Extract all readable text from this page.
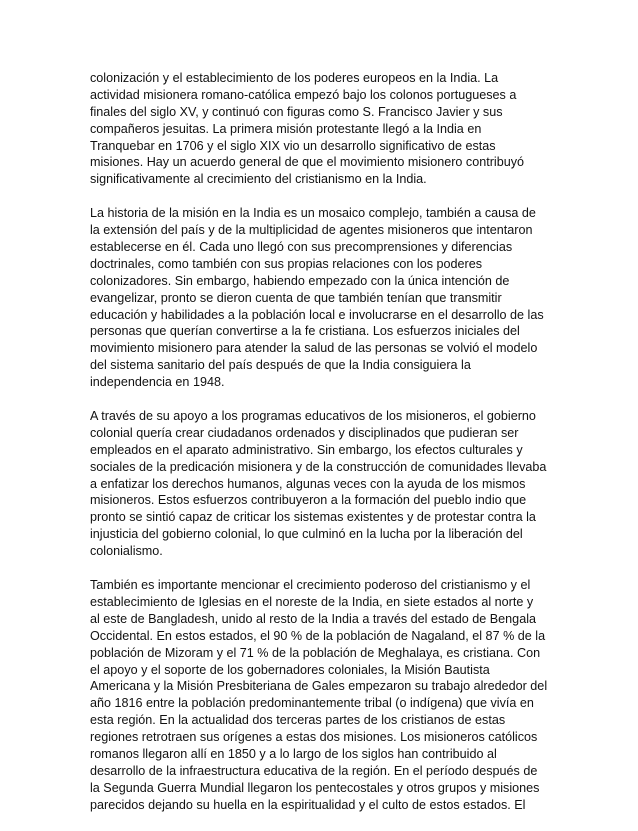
colonización y el establecimiento de los poderes europeos en la India. La
actividad misionera romano-católica empezó bajo los colonos portugueses a
finales del siglo XV, y continuó con figuras como S. Francisco Javier y sus
compañeros jesuitas. La primera misión protestante llegó a la India en
Tranquebar en 1706 y el siglo XIX vio un desarrollo significativo de estas
misiones. Hay un acuerdo general de que el movimiento misionero contribuyó
significativamente al crecimiento del cristianismo en la India.

La historia de la misión en la India es un mosaico complejo, también a causa de
la extensión del país y de la multiplicidad de agentes misioneros que intentaron
establecerse en él. Cada uno llegó con sus precomprensiones y diferencias
doctrinales, como también con sus propias relaciones con los poderes
colonizadores. Sin embargo, habiendo empezado con la única intención de
evangelizar, pronto se dieron cuenta de que también tenían que transmitir
educación y habilidades a la población local e involucrarse en el desarrollo de las
personas que querían convertirse a la fe cristiana. Los esfuerzos iniciales del
movimiento misionero para atender la salud de las personas se volvió el modelo
del sistema sanitario del país después de que la India consiguiera la
independencia en 1948.

A través de su apoyo a los programas educativos de los misioneros, el gobierno
colonial quería crear ciudadanos ordenados y disciplinados que pudieran ser
empleados en el aparato administrativo. Sin embargo, los efectos culturales y
sociales de la predicación misionera y de la construcción de comunidades llevaba
a enfatizar los derechos humanos, algunas veces con la ayuda de los mismos
misioneros. Estos esfuerzos contribuyeron a la formación del pueblo indio que
pronto se sintió capaz de criticar los sistemas existentes y de protestar contra la
injusticia del gobierno colonial, lo que culminó en la lucha por la liberación del
colonialismo.

También es importante mencionar el crecimiento poderoso del cristianismo y el
establecimiento de Iglesias en el noreste de la India, en siete estados al norte y
al este de Bangladesh, unido al resto de la India a través del estado de Bengala
Occidental. En estos estados, el 90 % de la población de Nagaland, el 87 % de la
población de Mizoram y el 71 % de la población de Meghalaya, es cristiana. Con
el apoyo y el soporte de los gobernadores coloniales, la Misión Bautista
Americana y la Misión Presbiteriana de Gales empezaron su trabajo alrededor del
año 1816 entre la población predominantemente tribal (o indígena) que vivía en
esta región. En la actualidad dos terceras partes de los cristianos de estas
regiones retrotraen sus orígenes a estas dos misiones. Los misioneros católicos
romanos llegaron allí en 1850 y a lo largo de los siglos han contribuido al
desarrollo de la infraestructura educativa de la región. En el período después de
la Segunda Guerra Mundial llegaron los pentecostales y otros grupos y misiones
parecidos dejando su huella en la espiritualidad y el culto de estos estados. El
